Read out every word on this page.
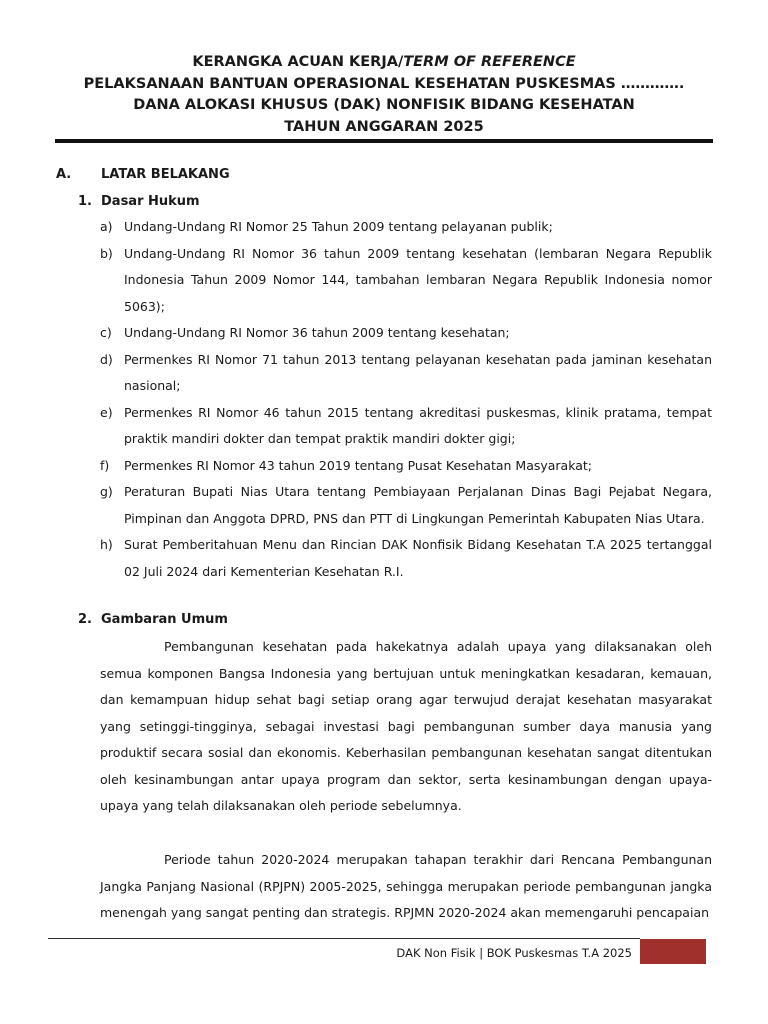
KERANGKA ACUAN KERJA/TERM OF REFERENCE
PELAKSANAAN BANTUAN OPERASIONAL KESEHATAN PUSKESMAS ………….
DANA ALOKASI KHUSUS (DAK) NONFISIK BIDANG KESEHATAN
TAHUN ANGGARAN 2025
A. LATAR BELAKANG
1. Dasar Hukum
a) Undang-Undang RI Nomor 25 Tahun 2009 tentang pelayanan publik;
b) Undang-Undang RI Nomor 36 tahun 2009 tentang kesehatan (lembaran Negara Republik Indonesia Tahun 2009 Nomor 144, tambahan lembaran Negara Republik Indonesia nomor 5063);
c) Undang-Undang RI Nomor 36 tahun 2009 tentang kesehatan;
d) Permenkes RI Nomor 71 tahun 2013 tentang pelayanan kesehatan pada jaminan kesehatan nasional;
e) Permenkes RI Nomor 46 tahun 2015 tentang akreditasi puskesmas, klinik pratama, tempat praktik mandiri dokter dan tempat praktik mandiri dokter gigi;
f) Permenkes RI Nomor 43 tahun 2019 tentang Pusat Kesehatan Masyarakat;
g) Peraturan Bupati Nias Utara tentang Pembiayaan Perjalanan Dinas Bagi Pejabat Negara, Pimpinan dan Anggota DPRD, PNS dan PTT di Lingkungan Pemerintah Kabupaten Nias Utara.
h) Surat Pemberitahuan Menu dan Rincian DAK Nonfisik Bidang Kesehatan T.A 2025 tertanggal 02 Juli 2024 dari Kementerian Kesehatan R.I.
2. Gambaran Umum

Pembangunan kesehatan pada hakekatnya adalah upaya yang dilaksanakan oleh semua komponen Bangsa Indonesia yang bertujuan untuk meningkatkan kesadaran, kemauan, dan kemampuan hidup sehat bagi setiap orang agar terwujud derajat kesehatan masyarakat yang setinggi-tingginya, sebagai investasi bagi pembangunan sumber daya manusia yang produktif secara sosial dan ekonomis. Keberhasilan pembangunan kesehatan sangat ditentukan oleh kesinambungan antar upaya program dan sektor, serta kesinambungan dengan upaya-upaya yang telah dilaksanakan oleh periode sebelumnya.

Periode tahun 2020-2024 merupakan tahapan terakhir dari Rencana Pembangunan Jangka Panjang Nasional (RPJPN) 2005-2025, sehingga merupakan periode pembangunan jangka menengah yang sangat penting dan strategis. RPJMN 2020-2024 akan memengaruhi pencapaian

DAK Non Fisik | BOK Puskesmas T.A 2025
